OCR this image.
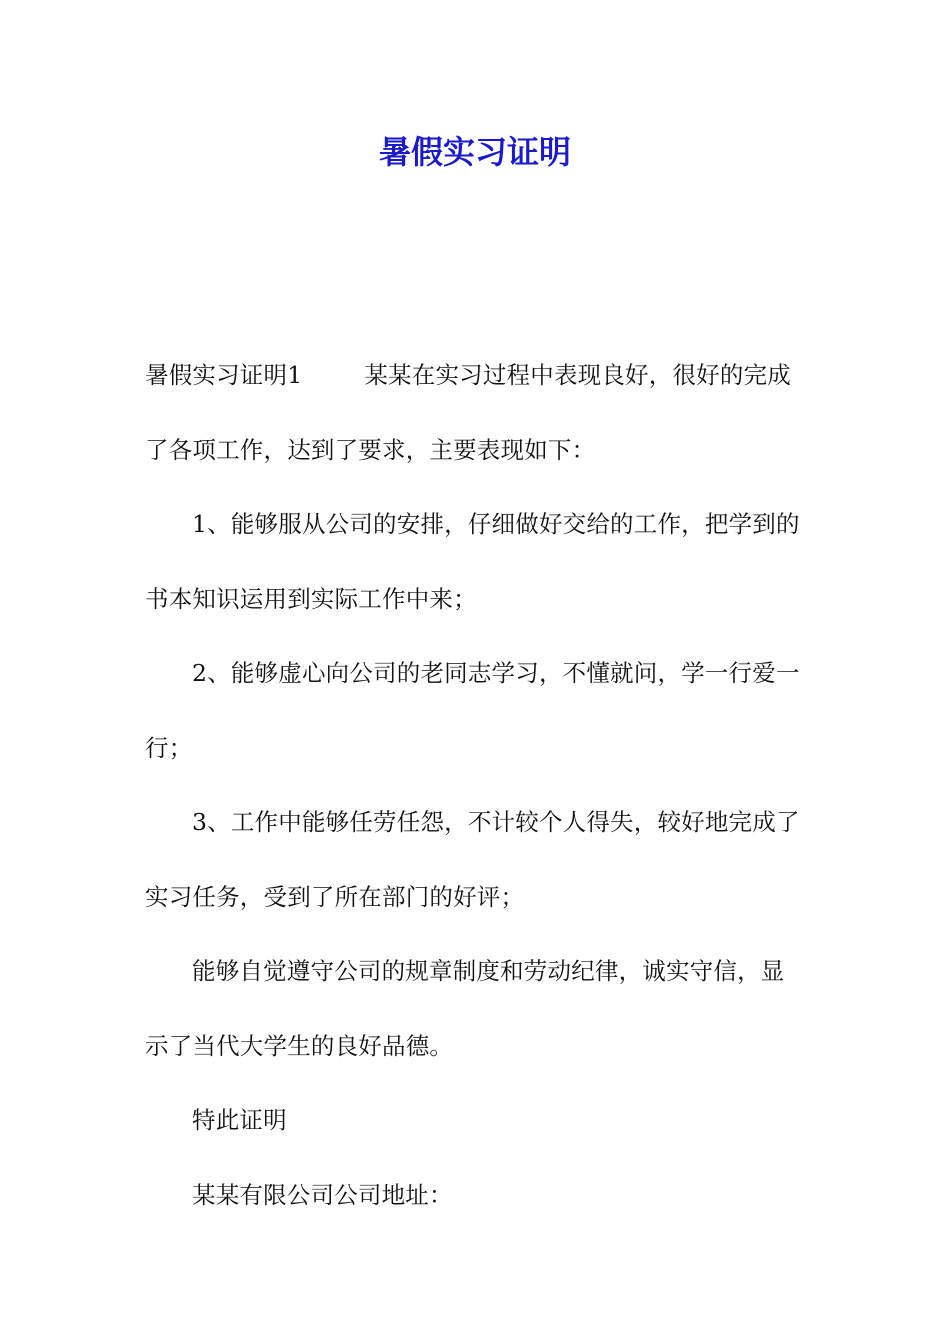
暑假实习证明

暑假实习证明1	某某在实习过程中表现良好，很好的完成

了各项工作，达到了要求，主要表现如下：

1、能够服从公司的安排，仔细做好交给的工作，把学到的

书本知识运用到实际工作中来；

2、能够虚心向公司的老同志学习，不懂就问，学一行爱一

行；

3、工作中能够任劳任怨，不计较个人得失，较好地完成了

实习任务，受到了所在部门的好评；

能够自觉遵守公司的规章制度和劳动纪律，诚实守信，显

示了当代大学生的良好品德。

特此证明

某某有限公司公司地址：
